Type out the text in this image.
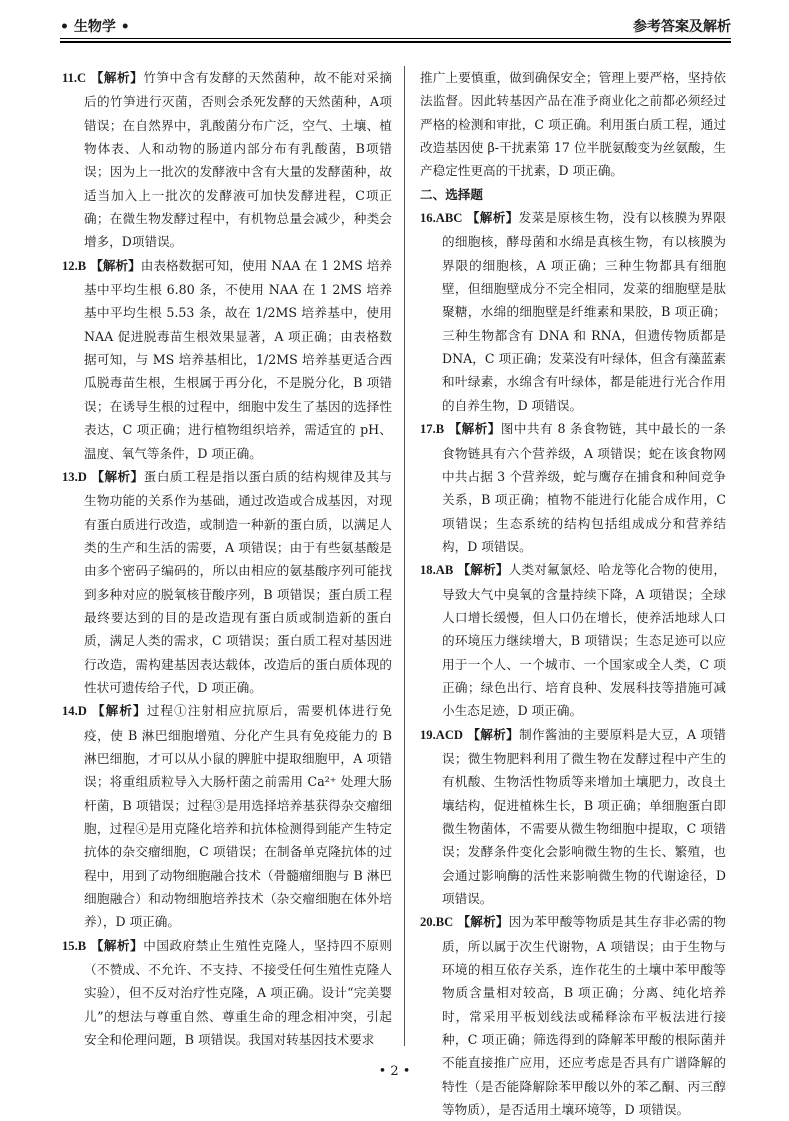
• 生物学 •	参考答案及解析

11.C 【解析】竹笋中含有发酵的天然菌种，故不能对采摘后的竹笋进行灭菌，否则会杀死发酵的天然菌种，A项错误；在自然界中，乳酸菌分布广泛，空气、土壤、植物体表、人和动物的肠道内部分布有乳酸菌，B项错误；因为上一批次的发酵液中含有大量的发酵菌种，故适当加入上一批次的发酵液可加快发酵进程，C项正确；在微生物发酵过程中，有机物总量会减少，种类会增多，D项错误。

12.B 【解析】由表格数据可知，使用 NAA 在 1 2MS 培养基中平均生根 6.80 条，不使用 NAA 在 1 2MS 培养基中平均生根 5.53 条，故在 1/2MS 培养基中，使用 NAA 促进脱毒苗生根效果显著，A 项正确；由表格数据可知，与 MS 培养基相比，1/2MS 培养基更适合西瓜脱毒苗生根，生根属于再分化，不是脱分化，B 项错误；在诱导生根的过程中，细胞中发生了基因的选择性表达，C 项正确；进行植物组织培养，需适宜的 pH、温度、氧气等条件，D 项正确。

13.D 【解析】蛋白质工程是指以蛋白质的结构规律及其与生物功能的关系作为基础，通过改造或合成基因，对现有蛋白质进行改造，或制造一种新的蛋白质，以满足人类的生产和生活的需要，A 项错误；由于有些氨基酸是由多个密码子编码的，所以由相应的氨基酸序列可能找到多种对应的脱氧核苷酸序列，B 项错误；蛋白质工程最终要达到的目的是改造现有蛋白质或制造新的蛋白质，满足人类的需求，C 项错误；蛋白质工程对基因进行改造，需构建基因表达载体，改造后的蛋白质体现的性状可遗传给子代，D 项正确。

14.D 【解析】过程①注射相应抗原后，需要机体进行免疫，使 B 淋巴细胞增殖、分化产生具有免疫能力的 B 淋巴细胞，才可以从小鼠的脾脏中提取细胞甲，A 项错误；将重组质粒导入大肠杆菌之前需用 Ca²⁺ 处理大肠杆菌，B 项错误；过程③是用选择培养基获得杂交瘤细胞，过程④是用克隆化培养和抗体检测得到能产生特定抗体的杂交瘤细胞，C 项错误；在制备单克隆抗体的过程中，用到了动物细胞融合技术（骨髓瘤细胞与 B 淋巴细胞融合）和动物细胞培养技术（杂交瘤细胞在体外培养），D 项正确。

15.B 【解析】中国政府禁止生殖性克隆人，坚持四不原则（不赞成、不允许、不支持、不接受任何生殖性克隆人实验），但不反对治疗性克隆，A 项正确。设计“完美婴儿”的想法与尊重自然、尊重生命的理念相冲突，引起安全和伦理问题，B 项错误。我国对转基因技术要求

推广上要慎重，做到确保安全；管理上要严格，坚持依法监督。因此转基因产品在准予商业化之前都必须经过严格的检测和审批，C 项正确。利用蛋白质工程，通过改造基因使 β-干扰素第 17 位半胱氨酸变为丝氨酸，生产稳定性更高的干扰素，D 项正确。

二、选择题

16.ABC 【解析】发菜是原核生物，没有以核膜为界限的细胞核，酵母菌和水绵是真核生物，有以核膜为界限的细胞核，A 项正确；三种生物都具有细胞壁，但细胞壁成分不完全相同，发菜的细胞壁是肽聚糖，水绵的细胞壁是纤维素和果胶，B 项正确；三种生物都含有 DNA 和 RNA，但遗传物质都是 DNA，C 项正确；发菜没有叶绿体，但含有藻蓝素和叶绿素，水绵含有叶绿体，都是能进行光合作用的自养生物，D 项错误。

17.B 【解析】图中共有 8 条食物链，其中最长的一条食物链具有六个营养级，A 项错误；蛇在该食物网中共占据 3 个营养级，蛇与鹰存在捕食和种间竞争关系，B 项正确；植物不能进行化能合成作用，C 项错误；生态系统的结构包括组成成分和营养结构，D 项错误。

18.AB 【解析】人类对氟氯烃、哈龙等化合物的使用，导致大气中臭氧的含量持续下降，A 项错误；全球人口增长缓慢，但人口仍在增长，使养活地球人口的环境压力继续增大，B 项错误；生态足迹可以应用于一个人、一个城市、一个国家或全人类，C 项正确；绿色出行、培育良种、发展科技等措施可减小生态足迹，D 项正确。

19.ACD 【解析】制作酱油的主要原料是大豆，A 项错误；微生物肥料利用了微生物在发酵过程中产生的有机酸、生物活性物质等来增加土壤肥力，改良土壤结构，促进植株生长，B 项正确；单细胞蛋白即微生物菌体，不需要从微生物细胞中提取，C 项错误；发酵条件变化会影响微生物的生长、繁殖，也会通过影响酶的活性来影响微生物的代谢途径，D 项错误。

20.BC 【解析】因为苯甲酸等物质是其生存非必需的物质，所以属于次生代谢物，A 项错误；由于生物与环境的相互依存关系，连作花生的土壤中苯甲酸等物质含量相对较高，B 项正确；分离、纯化培养时，常采用平板划线法或稀释涂布平板法进行接种，C 项正确；筛选得到的降解苯甲酸的根际菌并不能直接推广应用，还应考虑是否具有广谱降解的特性（是否能降解除苯甲酸以外的苯乙酮、丙三醇等物质），是否适用土壤环境等，D 项错误。

• 2 •
